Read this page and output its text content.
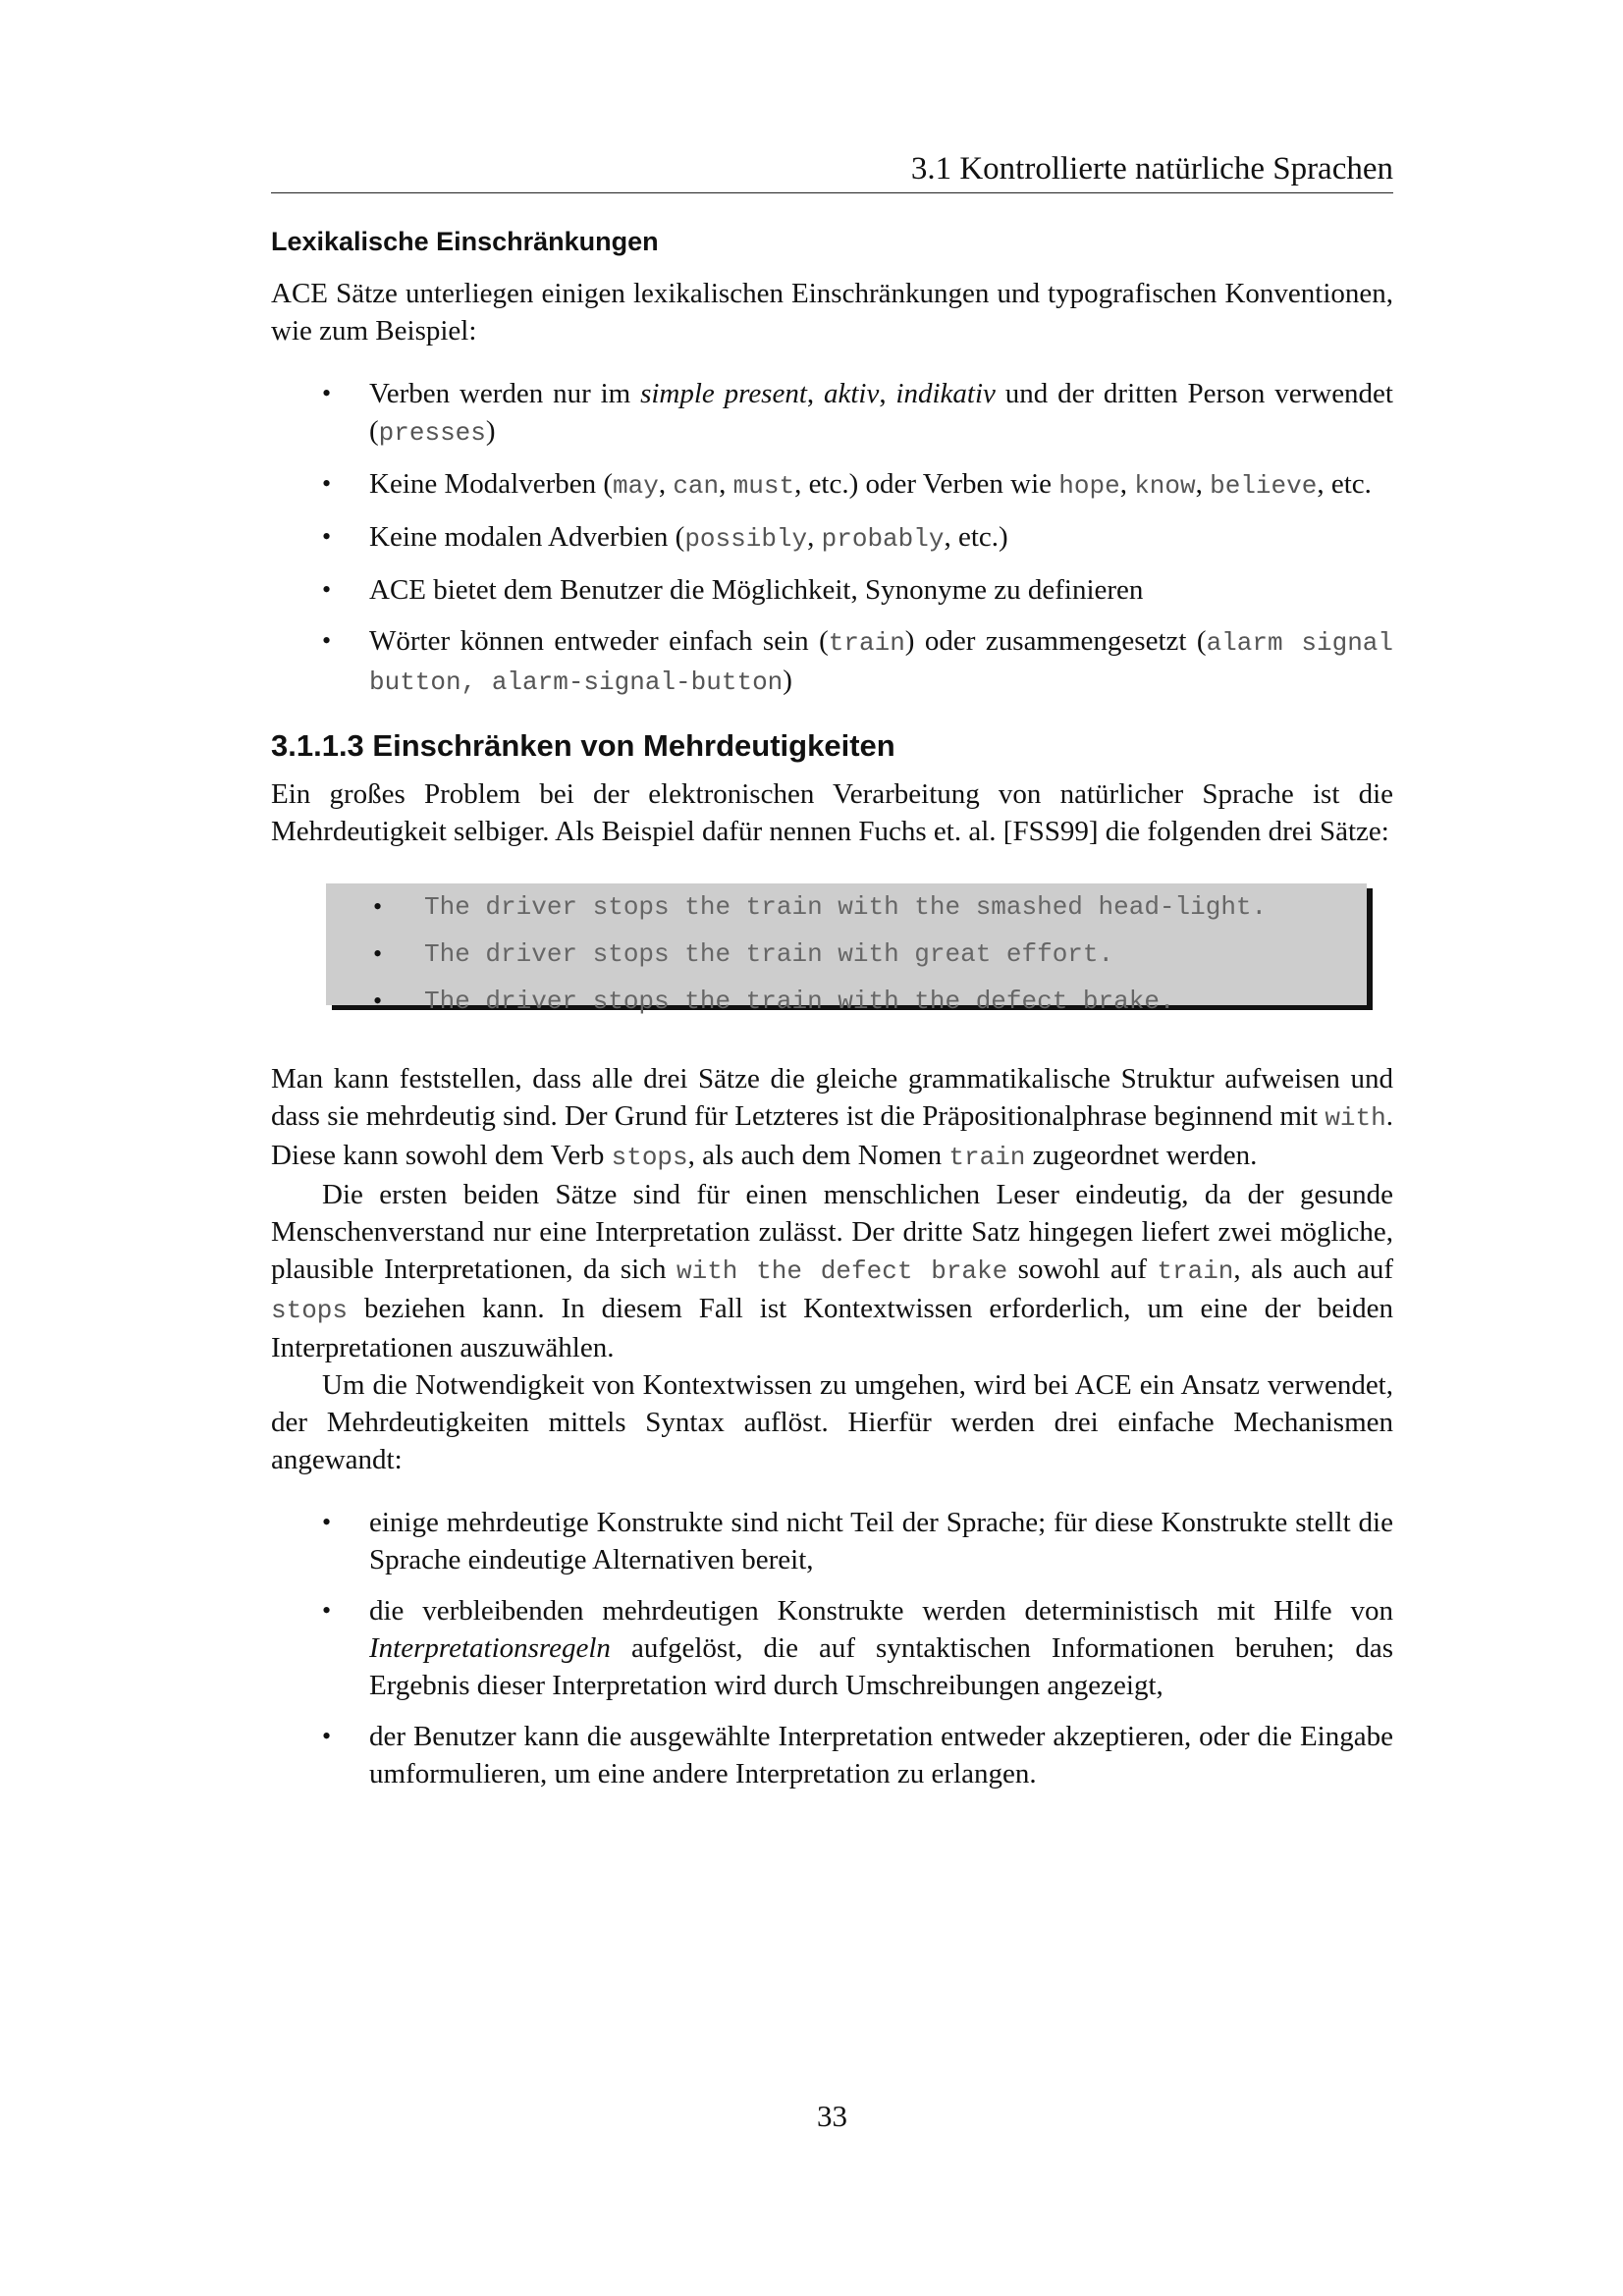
3.1 Kontrollierte natürliche Sprachen
Lexikalische Einschränkungen

ACE Sätze unterliegen einigen lexikalischen Einschränkungen und typografischen Konventionen, wie zum Beispiel:

• Verben werden nur im simple present, aktiv, indikativ und der dritten Person verwendet (presses)
• Keine Modalverben (may, can, must, etc.) oder Verben wie hope, know, believe, etc.
• Keine modalen Adverbien (possibly, probably, etc.)
• ACE bietet dem Benutzer die Möglichkeit, Synonyme zu definieren
• Wörter können entweder einfach sein (train) oder zusammengesetzt (alarm signal button, alarm-signal-button)
3.1.1.3 Einschränken von Mehrdeutigkeiten

Ein großes Problem bei der elektronischen Verarbeitung von natürlicher Sprache ist die Mehrdeutigkeit selbiger. Als Beispiel dafür nennen Fuchs et. al. [FSS99] die folgenden drei Sätze:

• The driver stops the train with the smashed head-light.
• The driver stops the train with great effort.
• The driver stops the train with the defect brake.

Man kann feststellen, dass alle drei Sätze die gleiche grammatikalische Struktur aufweisen und dass sie mehrdeutig sind. Der Grund für Letzteres ist die Präpositionalphrase beginnend mit with. Diese kann sowohl dem Verb stops, als auch dem Nomen train zugeordnet werden.

Die ersten beiden Sätze sind für einen menschlichen Leser eindeutig, da der gesunde Menschenverstand nur eine Interpretation zulässt. Der dritte Satz hingegen liefert zwei mögliche, plausible Interpretationen, da sich with the defect brake sowohl auf train, als auch auf stops beziehen kann. In diesem Fall ist Kontextwissen erforderlich, um eine der beiden Interpretationen auszuwählen.

Um die Notwendigkeit von Kontextwissen zu umgehen, wird bei ACE ein Ansatz verwendet, der Mehrdeutigkeiten mittels Syntax auflöst. Hierfür werden drei einfache Mechanismen angewandt:

• einige mehrdeutige Konstrukte sind nicht Teil der Sprache; für diese Konstrukte stellt die Sprache eindeutige Alternativen bereit,
• die verbleibenden mehrdeutigen Konstrukte werden deterministisch mit Hilfe von Interpretationsregeln aufgelöst, die auf syntaktischen Informationen beruhen; das Ergebnis dieser Interpretation wird durch Umschreibungen angezeigt,
• der Benutzer kann die ausgewählte Interpretation entweder akzeptieren, oder die Eingabe umformulieren, um eine andere Interpretation zu erlangen.
33
